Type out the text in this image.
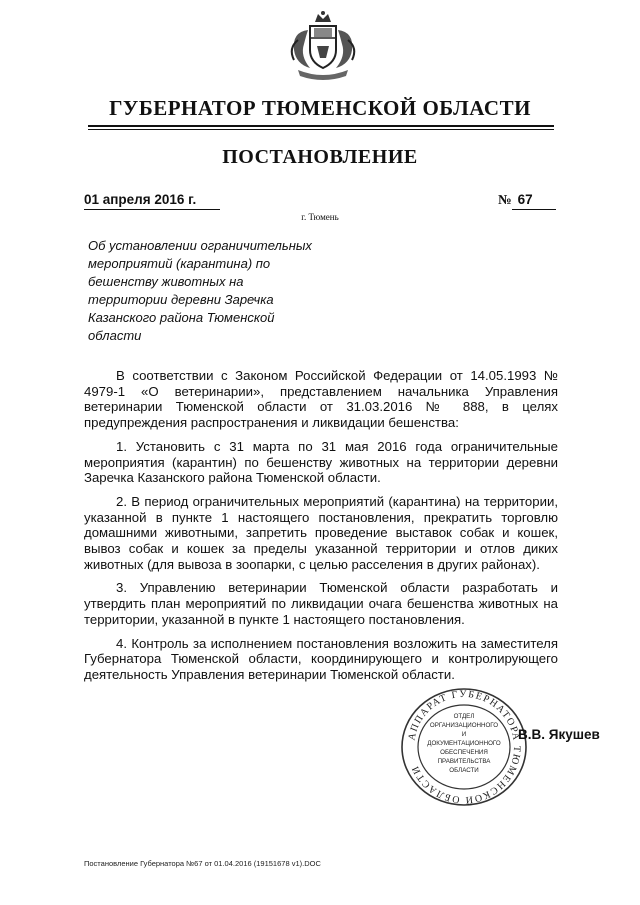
ГУБЕРНАТОР ТЮМЕНСКОЙ ОБЛАСТИ
ПОСТАНОВЛЕНИЕ
01 апреля 2016 г.	№ 67
г. Тюмень
Об установлении ограничительных мероприятий (карантина) по бешенству животных на территории деревни Заречка Казанского района Тюменской области

В соответствии с Законом Российской Федерации от 14.05.1993 № 4979-1 «О ветеринарии», представлением начальника Управления ветеринарии Тюменской области от 31.03.2016 № 888, в целях предупреждения распространения и ликвидации бешенства:

1. Установить с 31 марта по 31 мая 2016 года ограничительные мероприятия (карантин) по бешенству животных на территории деревни Заречка Казанского района Тюменской области.

2. В период ограничительных мероприятий (карантина) на территории, указанной в пункте 1 настоящего постановления, прекратить торговлю домашними животными, запретить проведение выставок собак и кошек, вывоз собак и кошек за пределы указанной территории и отлов диких животных (для вывоза в зоопарки, с целью расселения в других районах).

3. Управлению ветеринарии Тюменской области разработать и утвердить план мероприятий по ликвидации очага бешенства животных на территории, указанной в пункте 1 настоящего постановления.

4. Контроль за исполнением постановления возложить на заместителя Губернатора Тюменской области, координирующего и контролирующего деятельность Управления ветеринарии Тюменской области.

АППАРАТ ГУБЕРНАТОРА ТЮМЕНСКОЙ ОБЛАСТИ
ОТДЕЛ
ОРГАНИЗАЦИОННОГО
И
ДОКУМЕНТАЦИОННОГО
ОБЕСПЕЧЕНИЯ
ПРАВИТЕЛЬСТВА
ОБЛАСТИ
В.В. Якушев
Постановление Губернатора №67 от 01.04.2016 (19151678 v1).DOC
